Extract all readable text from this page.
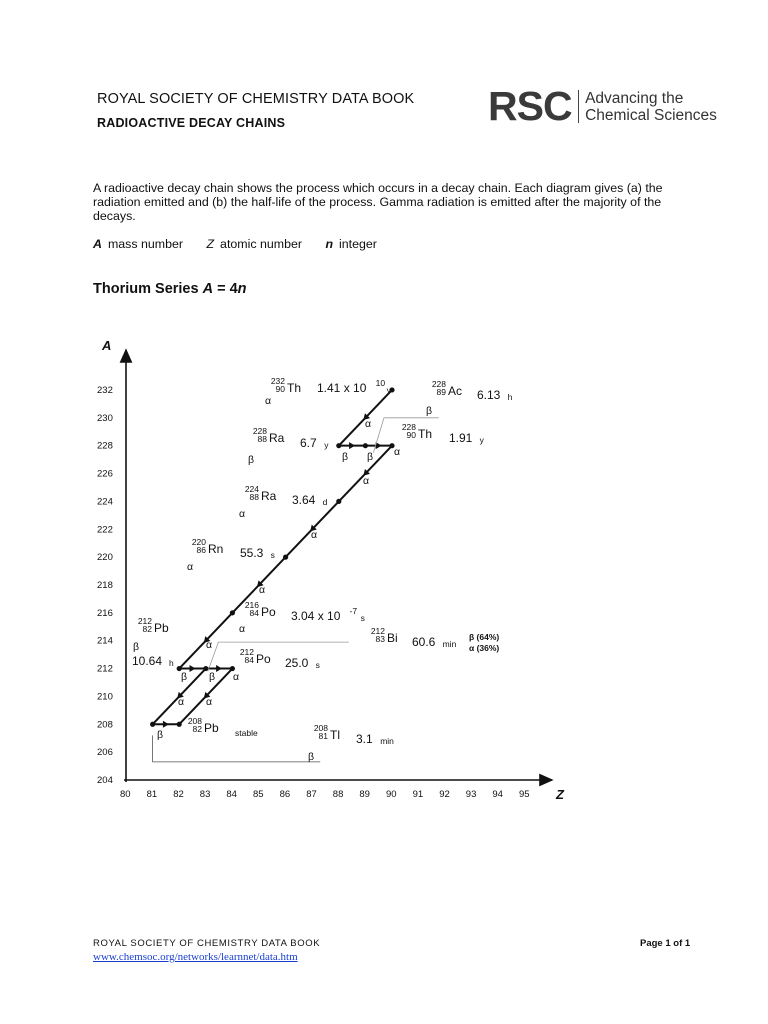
ROYAL SOCIETY OF CHEMISTRY DATA BOOK
RADIOACTIVE DECAY CHAINS	RSC Advancing the
Chemical Sciences
A radioactive decay chain shows the process which occurs in a decay chain. Each diagram gives (a) the radiation emitted and (b) the half-life of the process. Gamma radiation is emitted after the majority of the decays.
A mass number Z atomic number n integer
Thorium Series A = 4n
A
Z
204
206
208
210
212
214
216
218
220
222
224
226
228
230
232
80 81 82 83 84 85 86 87 88 89 90 91 92 93 94 95
232
90 Th 1.41 x 10 10
y
α
228
89 Ac 6.13 h
β
228
90 Th 1.91 y
228
88 Ra 6.7 y
β
224
88 Ra 3.64 d
α
220
86 Rn 55.3 s
α
216
84 Po 3.04 x 10 -7
s
α
212
82 Pb
10.64 h
β
212
83 Bi 60.6 min
β (64%)
α (36%)
212
84 Po 25.0 s
208
81 Tl 3.1 min
β
208
82 Pb stable
α
β β α
α
α
α
α
β β α
α α
β
ROYAL SOCIETY OF CHEMISTRY DATA BOOK	Page 1 of 1
www.chemsoc.org/networks/learnnet/data.htm
